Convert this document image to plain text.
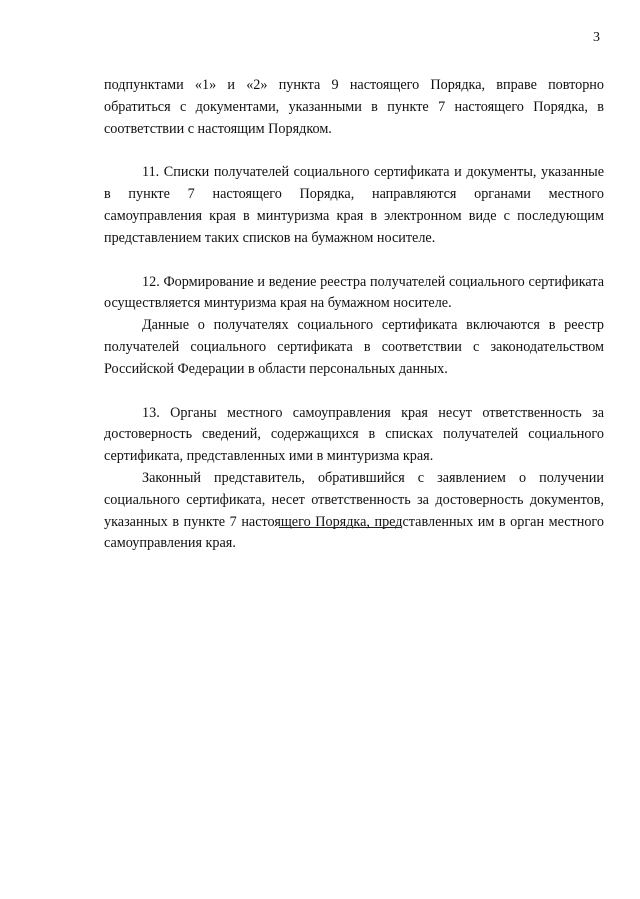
3

подпунктами «1» и «2» пункта 9 настоящего Порядка, вправе повторно обратиться с документами, указанными в пункте 7 настоящего Порядка, в соответствии с настоящим Порядком.

11. Списки получателей социального сертификата и документы, указанные в пункте 7 настоящего Порядка, направляются органами местного самоуправления края в минтуризма края в электронном виде с последующим представлением таких списков на бумажном носителе.

12. Формирование и ведение реестра получателей социального сертификата осуществляется минтуризма края на бумажном носителе.

Данные о получателях социального сертификата включаются в реестр получателей социального сертификата в соответствии с законодательством Российской Федерации в области персональных данных.

13. Органы местного самоуправления края несут ответственность за достоверность сведений, содержащихся в списках получателей социального сертификата, представленных ими в минтуризма края.

Законный представитель, обратившийся с заявлением о получении социального сертификата, несет ответственность за достоверность документов, указанных в пункте 7 настоящего Порядка, представленных им в орган местного самоуправления края.
